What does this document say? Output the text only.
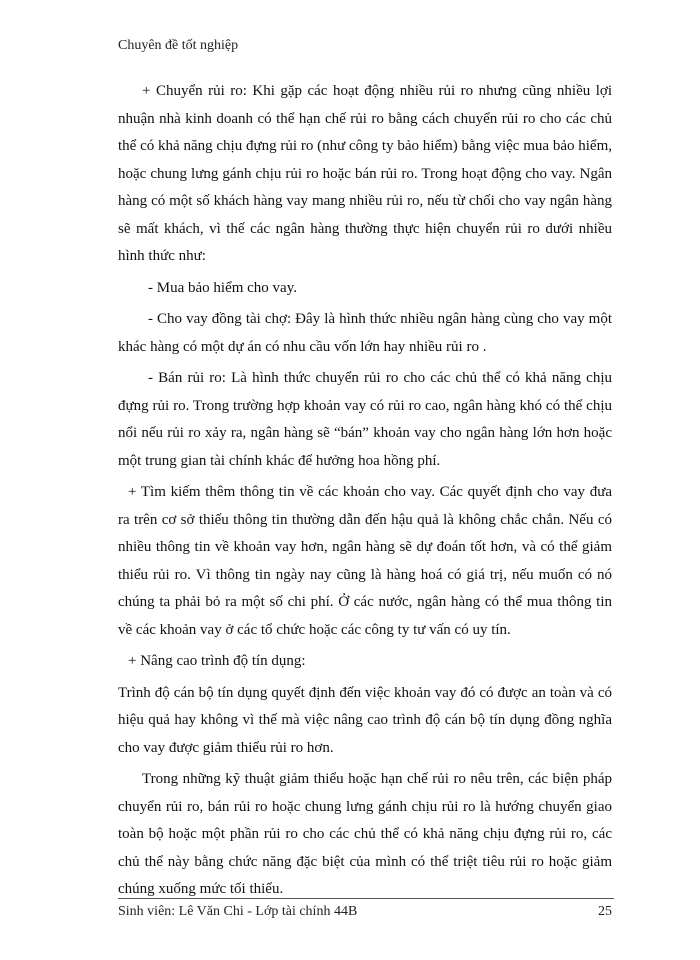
Chuyên đề tốt nghiệp

+ Chuyển rủi ro: Khi gặp các hoạt động nhiều rủi ro nhưng cũng nhiều lợi nhuận nhà kinh doanh có thể hạn chế rủi ro bằng cách chuyển rủi ro cho các chủ thể có khả năng chịu đựng rủi ro (như công ty bảo hiểm) bằng việc mua bảo hiểm, hoặc chung lưng gánh chịu rủi ro hoặc bán rủi ro. Trong hoạt động cho vay. Ngân hàng có một số khách hàng vay mang nhiều rủi ro, nếu từ chối cho vay ngân hàng sẽ mất khách, vì thế các ngân hàng thường thực hiện chuyển rủi ro dưới nhiều hình thức như:

- Mua bảo hiểm cho vay.

- Cho vay đồng tài chợ: Đây là hình thức nhiều ngân hàng cùng cho vay một khác hàng có một dự án có nhu cầu vốn lớn hay nhiều rủi ro .

- Bán rủi ro: Là hình thức chuyển rủi ro cho các chủ thể có khả năng chịu đựng rủi ro. Trong trường hợp khoản vay có rủi ro cao, ngân hàng khó có thể chịu nổi nếu rủi ro xảy ra, ngân hàng sẽ “bán” khoản vay cho ngân hàng lớn hơn hoặc một trung gian tài chính khác để hưởng hoa hồng phí.

+ Tìm kiếm thêm thông tin về các khoản cho vay. Các quyết định cho vay đưa ra trên cơ sở thiếu thông tin thường dẫn đến hậu quả là không chắc chắn. Nếu có nhiều thông tin về khoản vay hơn, ngân hàng sẽ dự đoán tốt hơn, và có thể giảm thiểu rủi ro. Vì thông tin ngày nay cũng là hàng hoá có giá trị, nếu muốn có nó chúng ta phải bỏ ra một số chi phí. Ở các nước, ngân hàng có thể mua thông tin về các khoản vay ở các tổ chức hoặc các công ty tư vấn có uy tín.

+ Nâng cao trình độ tín dụng:

Trình độ cán bộ tín dụng quyết định đến việc khoản vay đó có được an toàn và có hiệu quả hay không vì thế mà việc nâng cao trình độ cán bộ tín dụng đồng nghĩa cho vay được giảm thiểu rủi ro hơn.

Trong những kỹ thuật giảm thiểu hoặc hạn chế rủi ro nêu trên, các biện pháp chuyển rủi ro, bán rủi ro hoặc chung lưng gánh chịu rủi ro là hướng chuyển giao toàn bộ hoặc một phần rủi ro cho các chủ thể có khả năng chịu đựng rủi ro, các chủ thể này bằng chức năng đặc biệt của mình có thể triệt tiêu rủi ro hoặc giảm chúng xuống mức tối thiểu.

Sinh viên: Lê Văn Chi - Lớp tài chính 44B	25
